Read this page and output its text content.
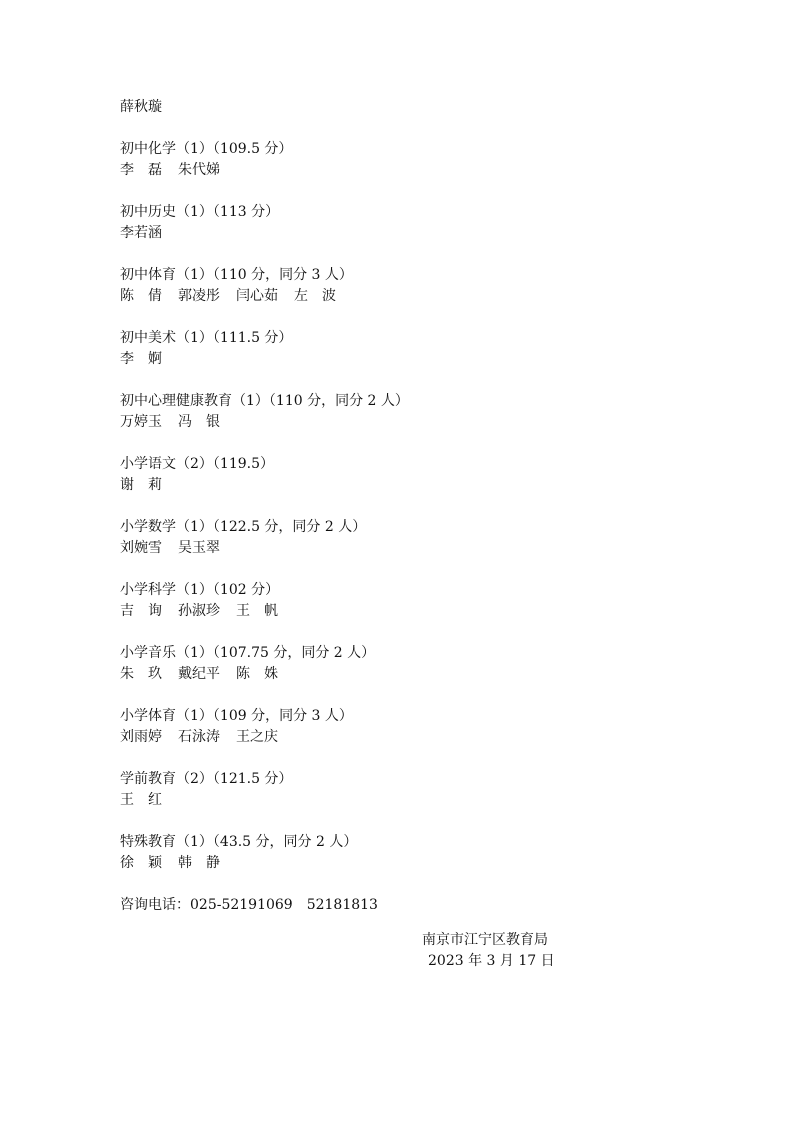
薛秋璇

初中化学（1）（109.5 分）

李　磊 朱代娣

初中历史（1）（113 分）

李若涵

初中体育（1）（110 分，同分 3 人）

陈　倩 郭凌彤 闫心茹 左　波

初中美术（1）（111.5 分）

李　婀

初中心理健康教育（1）（110 分，同分 2 人）

万婷玉 冯　银

小学语文（2）（119.5）

谢　莉

小学数学（1）（122.5 分，同分 2 人）

刘婉雪 吴玉翠

小学科学（1）（102 分）

吉　询 孙淑珍 王　帆

小学音乐（1）（107.75 分，同分 2 人）

朱　玖 戴纪平 陈　姝

小学体育（1）（109 分，同分 3 人）

刘雨婷 石泳涛 王之庆

学前教育（2）（121.5 分）

王　红

特殊教育（1）（43.5 分，同分 2 人）

徐　颖 韩　静

咨询电话：025-52191069　52181813

南京市江宁区教育局

2023 年 3 月 17 日
